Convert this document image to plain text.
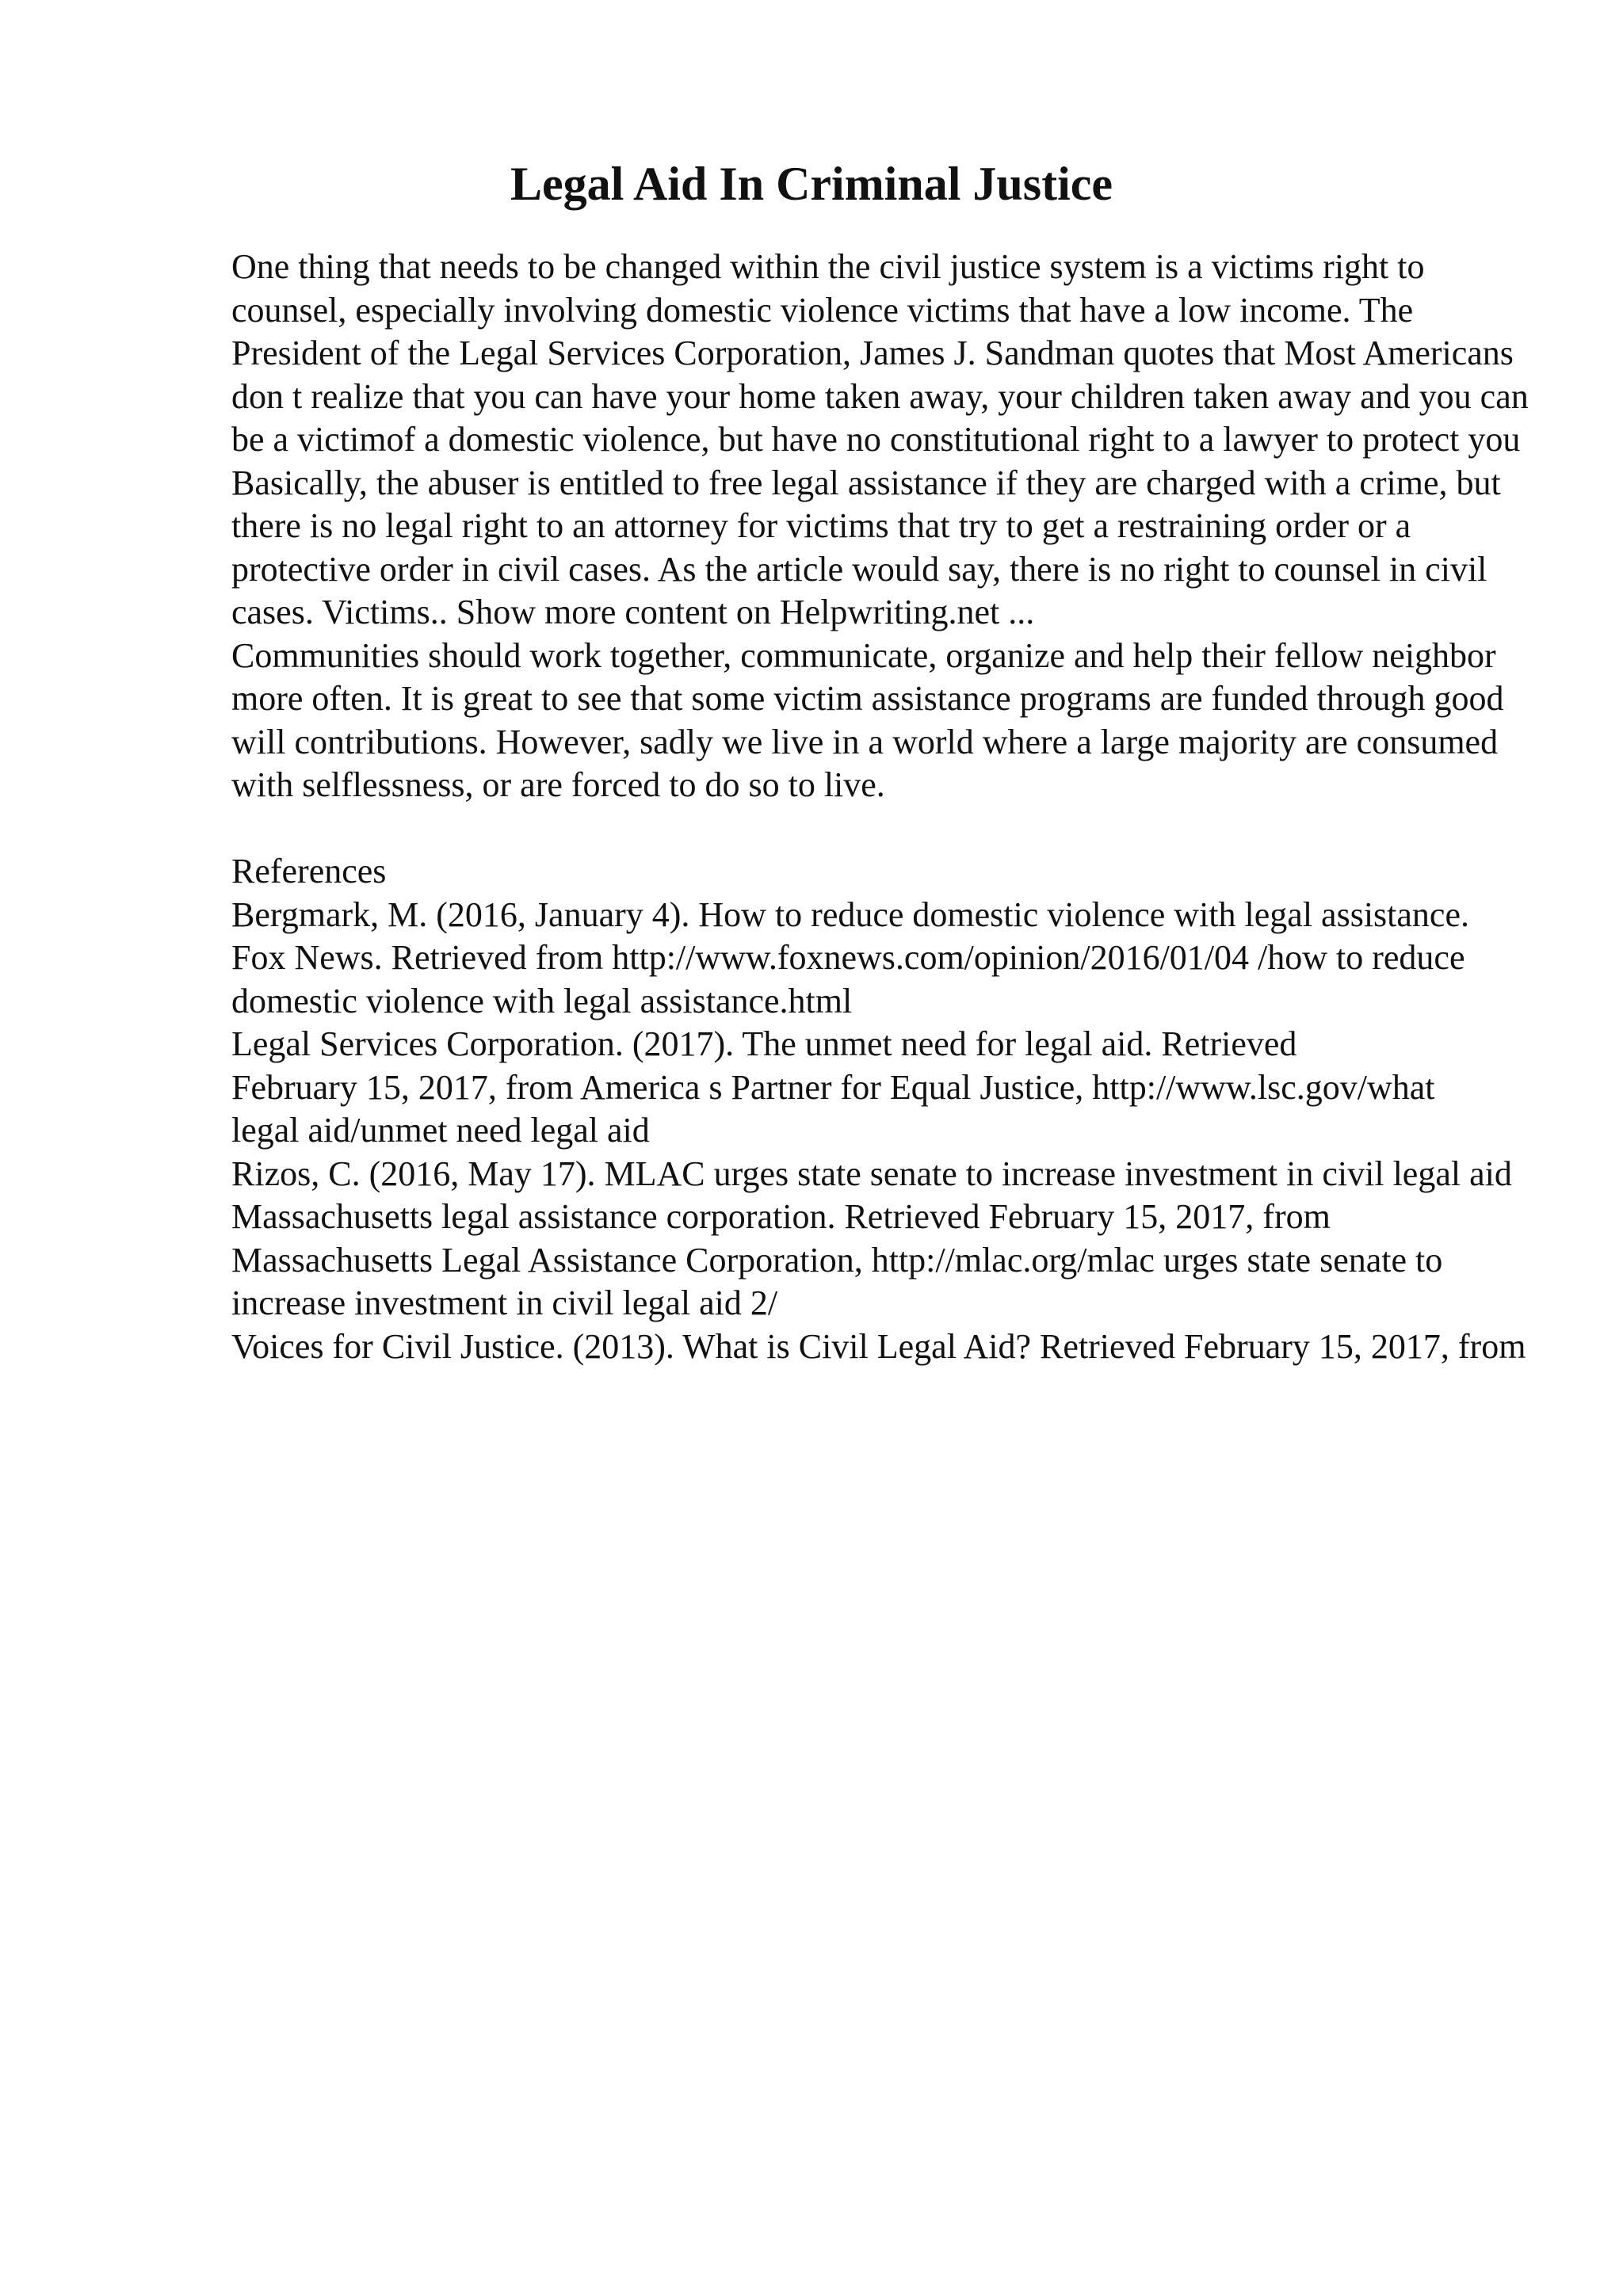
Legal Aid In Criminal Justice

One thing that needs to be changed within the civil justice system is a victims right to counsel, especially involving domestic violence victims that have a low income. The President of the Legal Services Corporation, James J. Sandman quotes that Most Americans don t realize that you can have your home taken away, your children taken away and you can be a victimof a domestic violence, but have no constitutional right to a lawyer to protect you Basically, the abuser is entitled to free legal assistance if they are charged with a crime, but there is no legal right to an attorney for victims that try to get a restraining order or a protective order in civil cases. As the article would say, there is no right to counsel in civil cases. Victims.. Show more content on Helpwriting.net ...

Communities should work together, communicate, organize and help their fellow neighbor more often. It is great to see that some victim assistance programs are funded through good will contributions. However, sadly we live in a world where a large majority are consumed with selflessness, or are forced to do so to live.

References

Bergmark, M. (2016, January 4). How to reduce domestic violence with legal assistance. Fox News. Retrieved from http://www.foxnews.com/opinion/2016/01/04 /how to reduce domestic violence with legal assistance.html

Legal Services Corporation. (2017). The unmet need for legal aid. Retrieved
February 15, 2017, from America s Partner for Equal Justice, http://www.lsc.gov/what
legal aid/unmet need legal aid

Rizos, C. (2016, May 17). MLAC urges state senate to increase investment in civil legal aid Massachusetts legal assistance corporation. Retrieved February 15, 2017, from Massachusetts Legal Assistance Corporation, http://mlac.org/mlac urges state senate to increase investment in civil legal aid 2/

Voices for Civil Justice. (2013). What is Civil Legal Aid? Retrieved February 15, 2017, from
